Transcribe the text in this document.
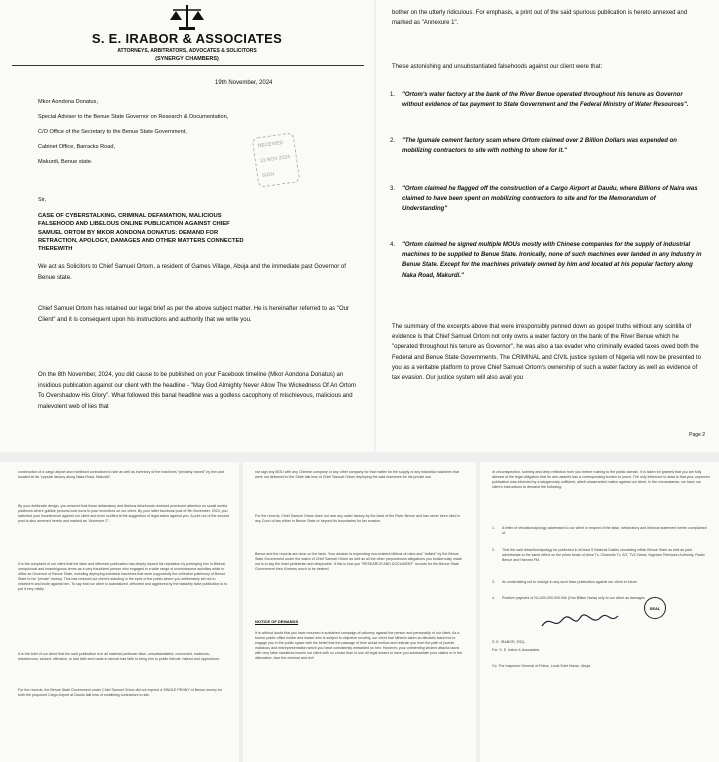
S. E. IRABOR & ASSOCIATES
ATTORNEYS, ARBITRATORS, ADVOCATES & SOLICITORS
(SYNERGY CHAMBERS)
19th November, 2024
Mkor Aondona Donatus,
Special Adviser to the Benue State Governor on Research & Documentation,
C/O Office of the Secretary to the Benue State Government,
Cabinet Office, Barracks Road,
Makurdi, Benue state.
RECEIVED
13 NOV 2024
SIGN
Sir,
CASE OF CYBERSTALKING, CRIMINAL DEFAMATION, MALICIOUS
FALSEHOOD AND LIBELOUS ONLINE PUBLICATION AGAINST CHIEF
SAMUEL ORTOM BY MKOR AONDONA DONATUS: DEMAND FOR
RETRACTION, APOLOGY, DAMAGES AND OTHER MATTERS CONNECTED
THEREWITH
We act as Solicitors to Chief Samuel Ortom, a resident of Games Village, Abuja and the immediate past Governor of Benue state.
Chief Samuel Ortom has retained our legal brief as per the above subject matter. He is hereinafter referred to as "Our Client" and it is consequent upon his instructions and authority that we write you.
On the 8th November, 2024, you did cause to be published on your Facebook timeline (Mkor Aondona Donatus) an insidious publication against our client with the headline - "May God Almighty Never Allow The Wickedness Of An Ortom To Overshadow His Glory". What followed this banal headline was a godless cacophony of mischievous, malicious and malevolent web of lies that
bother on the utterly ridiculous. For emphasis, a print out of the said spurious publication is hereto annexed and marked as "Annexure 1".
These astonishing and unsubstantiated falsehoods against our client were that:
1. "Ortom's water factory at the bank of the River Benue operated throughout his tenure as Governor without evidence of tax payment to State Government and the Federal Ministry of Water Resources".
2. "The Igumale cement factory scam where Ortom claimed over 2 Billion Dollars was expended on mobilizing contractors to site with nothing to show for it."
3. "Ortom claimed he flagged off the construction of a Cargo Airport at Daudu, where Billions of Naira was claimed to have been spent on mobilizing contractors to site and for the Memorandum of Understanding"
4. "Ortom claimed he signed multiple MOUs mostly with Chinese companies for the supply of industrial machines to be supplied to Benue State. Ironically, none of such machines ever landed in any Industry in Benue State. Except for the machines privately owned by him and located at his popular factory along Naka Road, Makurdi."
The summary of the excerpts above that were irresponsibly penned down as gospel truths without any scintilla of evidence is that Chief Samuel Ortom not only owns a water factory on the bank of the River Benue which he "operated throughout his tenure as Governor", he was also a tax evader who criminally evaded taxes owed both the Federal and Benue State Governments. The CRIMINAL and CIVIL justice system of Nigeria will now be presented to you as a veritable platform to prove Chief Samuel Ortom's ownership of such a water factory as well as evidence of tax evasion. Our justice system will also avail you
Page 2
construction of a cargo airport and mobilised contractors to site as well as inventory of the machines "privately owned" by him and located at his "popular factory along Naka Road, Makurdi".
By your deliberate design, you ensured that these defamatory and libelous falsehoods received prominent attention on social media platforms where gullible persons took turns to pour invectives on our client. By your latter facebook post of 9th November, 2024, you switched your incontinence against our client and even scoffed at the suggestion of legal action against you. A print out of the second post is also annexed hereto and marked as "Annexure 2".
It is the complaint of our client that the false and offensive publication has deeply injured his reputation by portraying him in illiberal, unequivocal and unambiguous terms as a very fraudulent person who engaged in a wide range of unwholesome activities while in office as Governor of Benue State, including deploying industrial machines that were supposedly the collective patrimony of Benue State to his "private" factory. This has reduced our client's standing in the eyes of the public where you deliberately set out to misinform and incite against him. To say that our client is scandalized, affronted and aggrieved by the blatantly false publication is to put it very mildly.
It is the brief of our client that the said publication is in all material particular false, unsubstantiated, concocted, malicious, mischievous, wicked, offensive, in bad faith and made in utmost bad faith to bring him to public ridicule, hatred and opprobrium.
For the records, the Benue State Government under Chief Samuel Ortom did not expend a SINGLE PENNY of Benue money for both the proposed Cargo Airport at Daudu talk less of mobilising contractors to site.
not sign any MOU with any Chinese company or any other company for that matter for the supply of any industrial machines that were not delivered to the State talk less of Chief Samuel Ortom deploying the said machines for his private use.
For the records, Chief Samuel Ortom does not own any water factory by the bank of the River Benue and has never been cited in any Court of law either in Benue State or beyond its boundaries for tax evasion.
Benue and the records are clear on the facts. Your allusion to expending non-existent billions of naira and "dollars" by the Benue State Government under the watch of Chief Samuel Ortom as well as all the other preposterous allegations you boisterously made out is to say the least pedestrian and despicable. If this is how you "RESEARCH AND DOCUMENT" records for the Benue State Government then it leaves much to be desired.
NOTICE OF DEMANDS
It is without doubt that you have mounted a sustained campaign of calumny against the person and personality of our client. As a former public office holder and leader who is subject to objective scrutiny, our client had hitherto taken an altruistic stand not to engage you in the public space with the belief that the passage of time would mellow and restrain you from the path of puerile, malicious and misrepresentation which you have consistently embarked on him. However, your unrelenting virulent attacks laced with very false narratives leaves our client with no choice than to use all legal means to have you substantiate your claims or in the alternative, face the criminal and civil
of circumspection, sobriety and deep reflection from you before rushing to the public domain. It is taken for granted that you are fully abreast of the legal obligation that he who asserts has a corresponding burden to prove. The only inference to draw is that your unproven publication was informed by a dangerously sufficient, albeit unwarranted malice against our client. In the circumstance, we have our client's instructions to demand the following:
1. A letter of retraction/apology addressed to our client in respect of the false, defamatory and libelous statement herein complained of.
2. That the said retraction/apology be published in at least 5 National Dailies circulating within Benue State as well as paid advertorials to the same effect on the prime beats of Arise Tv, Channels Tv, AIT, TVC News, Nigerian Television Authority, Radio Benue and Harvest FM.
3. An undertaking not to indulge in any such false publication against our client in future.
4. Positive payment of N1,000,000,000.00k (One Billion Naira) only to our client as damages
SEAL
S. E. IRABOR, ESQ.,
For: S. E. Irabor & Associates.
Cc: The Inspector General of Police, Louis Edet House, Abuja
